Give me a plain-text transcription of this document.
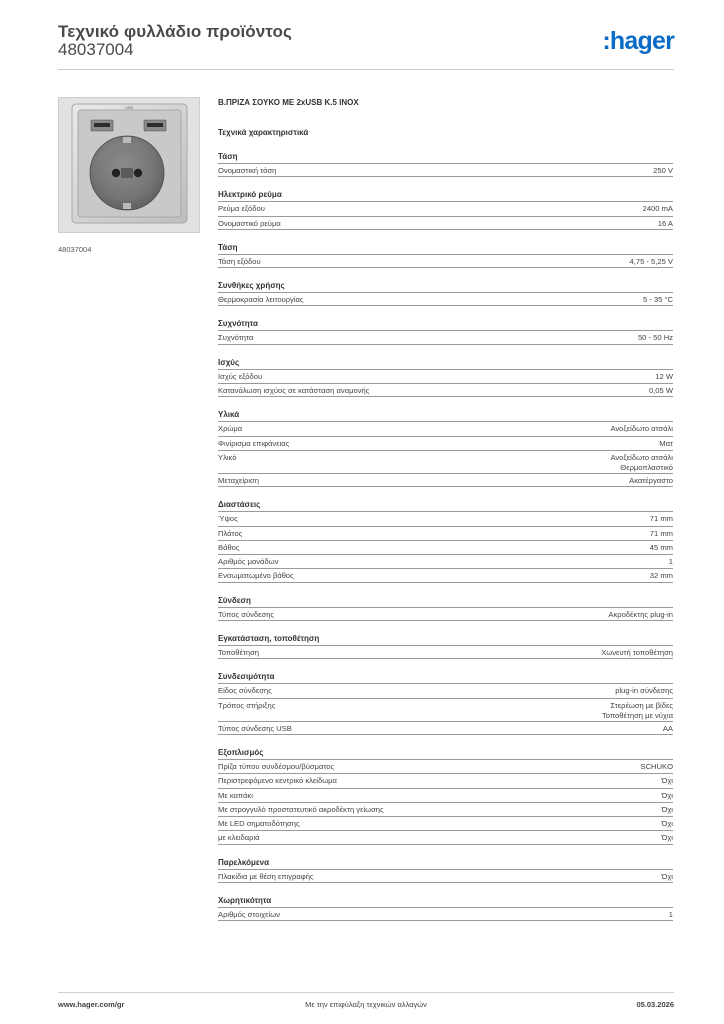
Τεχνικό φυλλάδιο προϊόντος
48037004	:hager
USB
48037004
Β.ΠΡΙΖΑ ΣΟΥΚΟ ΜΕ 2xUSB K.5 INOX
Τεχνικά χαρακτηριστικά
Τάση
Ονομαστική τάση	250 V
Ηλεκτρικό ρεύμα
Ρεύμα εξόδου	2400 mA
Ονομαστικό ρεύμα	16 A
Τάση
Τάση εξόδου	4,75 - 5,25 V
Συνθήκες χρήσης
Θερμοκρασία λειτουργίας	5 - 35 °C
Συχνότητα
Συχνότητα	50 - 50 Hz
Ισχύς
Ισχύς εξόδου	12 W
Κατανάλωση ισχύος σε κατάσταση αναμονής	0,05 W
Υλικά
Χρώμα	Ανοξείδωτο ατσάλι
Φινίρισμα επιφάνειας	Ματ
Υλικό	Ανοξείδωτο ατσάλι
Θερμοπλαστικό
Μεταχείριση	Ακατέργαστο
Διαστάσεις
Ύψος	71 mm
Πλάτος	71 mm
Βάθος	45 mm
Αριθμός μονάδων	1
Ενσωματωμένο βάθος	32 mm
Σύνδεση
Τύπος σύνδεσης	Ακροδέκτης plug-in
Εγκατάσταση, τοποθέτηση
Τοποθέτηση	Χωνευτή τοποθέτηση
Συνδεσιμότητα
Είδος σύνδεσης	plug-in σύνδεσης
Τρόπος στήριξης	Στερέωση με βίδες
Τοποθέτηση με νύχια
Τύπος σύνδεσης USB	AA
Εξοπλισμός
Πρίζα τύπου συνδέσμου/βύσματος	SCHUKO
Περιστρεφόμενο κεντρικό κλείδωμα	Όχι
Με καπάκι	Όχι
Με στρογγυλό προστατευτικό ακροδέκτη γείωσης	Όχι
Με LED σηματοδότησης	Όχι
με κλειδαριά	Όχι
Παρελκόμενα
Πλακίδια με θέση επιγραφής	Όχι
Χωρητικότητα
Αριθμός στοιχείων	1
www.hager.com/gr	Με την επιφύλαξη τεχνικών αλλαγών	05.03.2026
